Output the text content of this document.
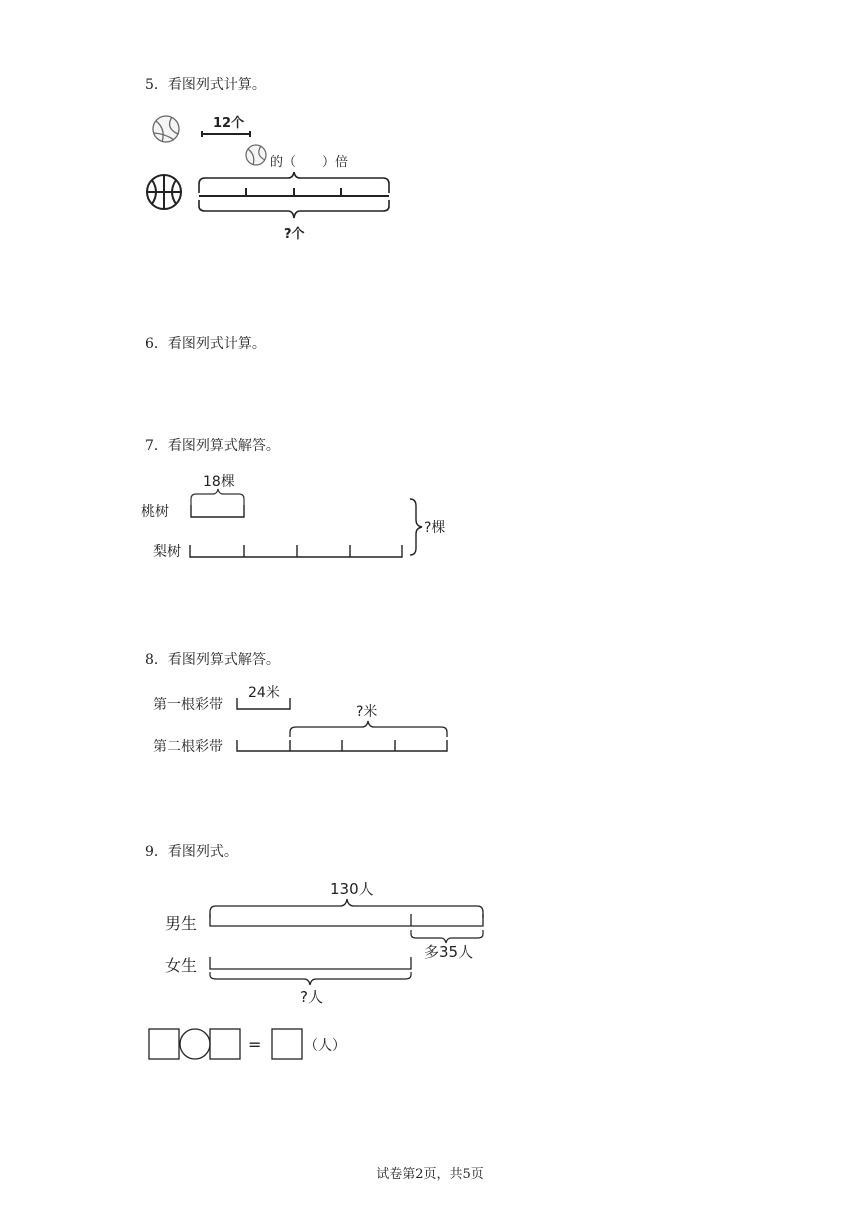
5．看图列式计算。
6．看图列式计算。
7．看图列算式解答。
8．看图列算式解答。
9．看图列式。
12个
的（　　）倍
?个
18棵
桃树
梨树
?棵
第一根彩带
24米
第二根彩带
?米
130人
男生
多35人
女生
?人
=	（人）
试卷第2页，共5页
